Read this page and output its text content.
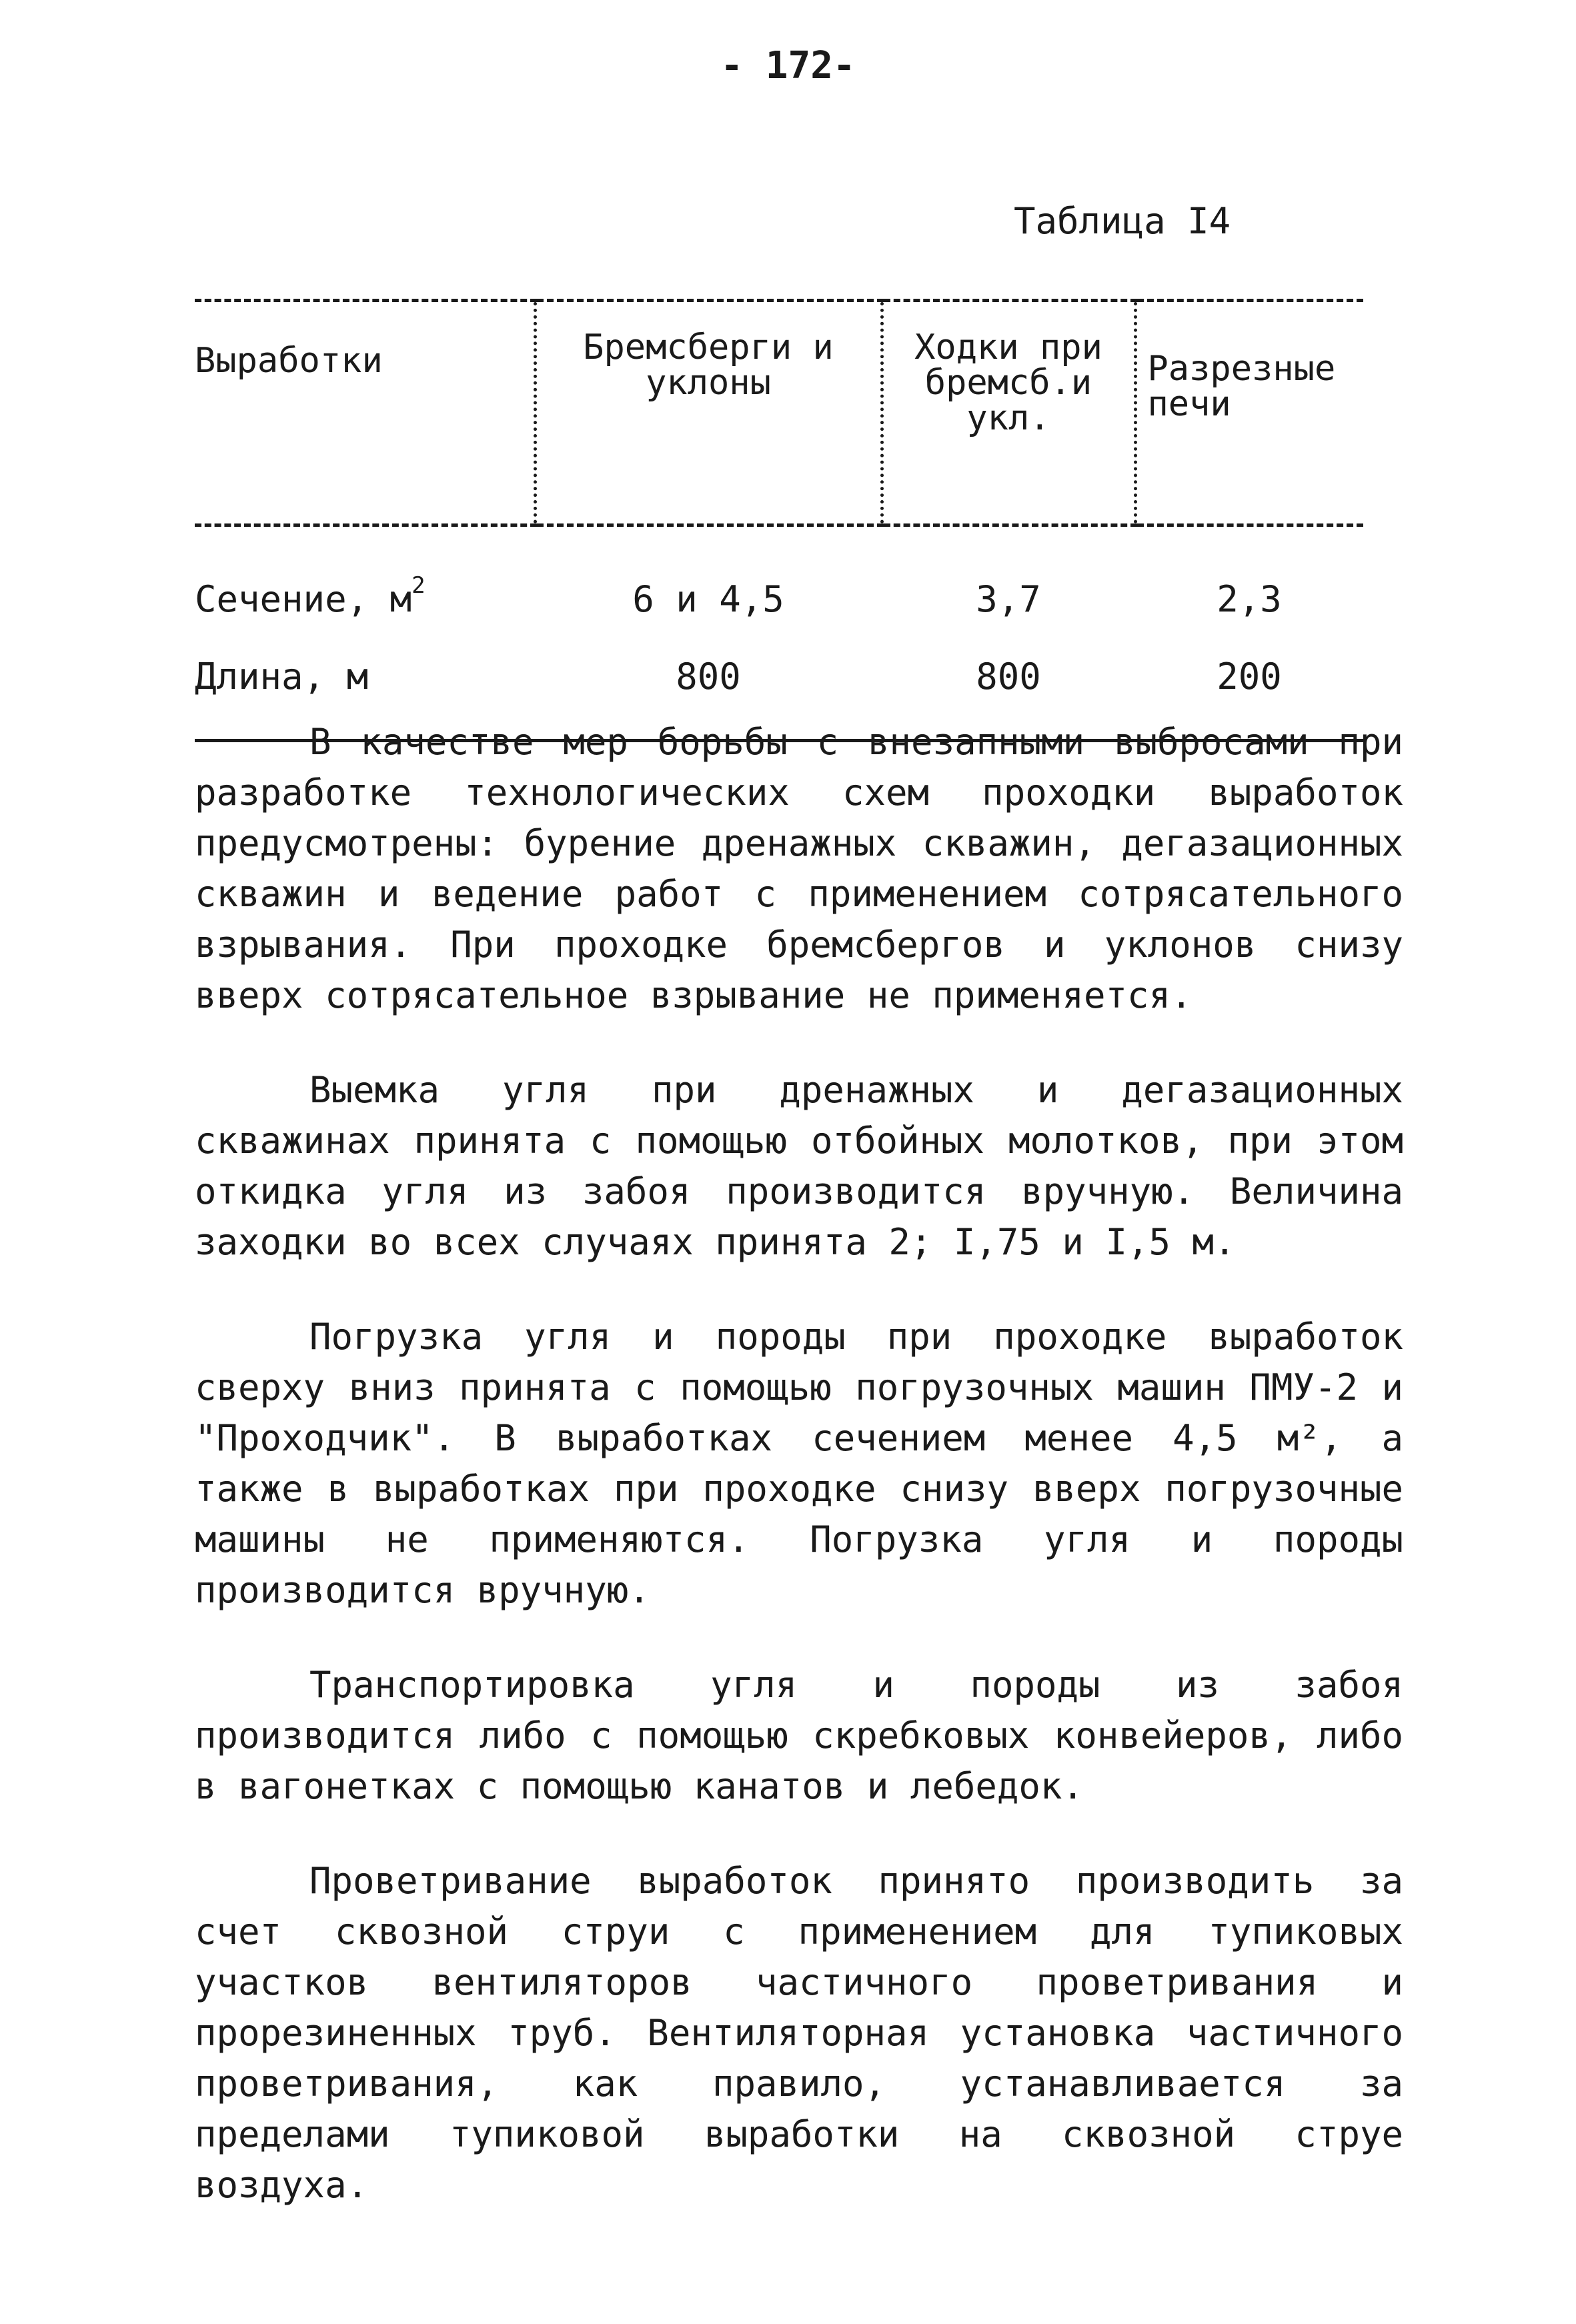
- 172-
Таблица I4
Выработки	Бремсберги и уклоны	Ходки при бремсб.и укл.	Разрезные печи
Сечение, $м^2$	6 и 4,5	3,7	2,3
Длина, м	800	800	200

В качестве мер борьбы с внезапными выбросами при разработке технологических схем проходки выработок предусмотрены: бурение дренажных скважин, дегазационных скважин и ведение работ с применением сотрясательного взрывания. При проходке бремсбергов и уклонов снизу вверх сотрясательное взрывание не применяется.

Выемка угля при дренажных и дегазационных скважинах принята с помощью отбойных молотков, при этом откидка угля из забоя производится вручную. Величина заходки во всех случаях принята 2; I,75 и I,5 м.

Погрузка угля и породы при проходке выработок сверху вниз принята с помощью погрузочных машин ПМУ-2 и "Проходчик". В выработках сечением менее 4,5 м², а также в выработках при проходке снизу вверх погрузочные машины не применяются. Погрузка угля и породы производится вручную.

Транспортировка угля и породы из забоя производится либо с помощью скребковых конвейеров, либо в вагонетках с помощью канатов и лебедок.

Проветривание выработок принято производить за счет сквозной струи с применением для тупиковых участков вентиляторов частичного проветривания и прорезиненных труб. Вентиляторная установка частичного проветривания, как правило, устанавливается за пределами тупиковой выработки на сквозной струе воздуха.
